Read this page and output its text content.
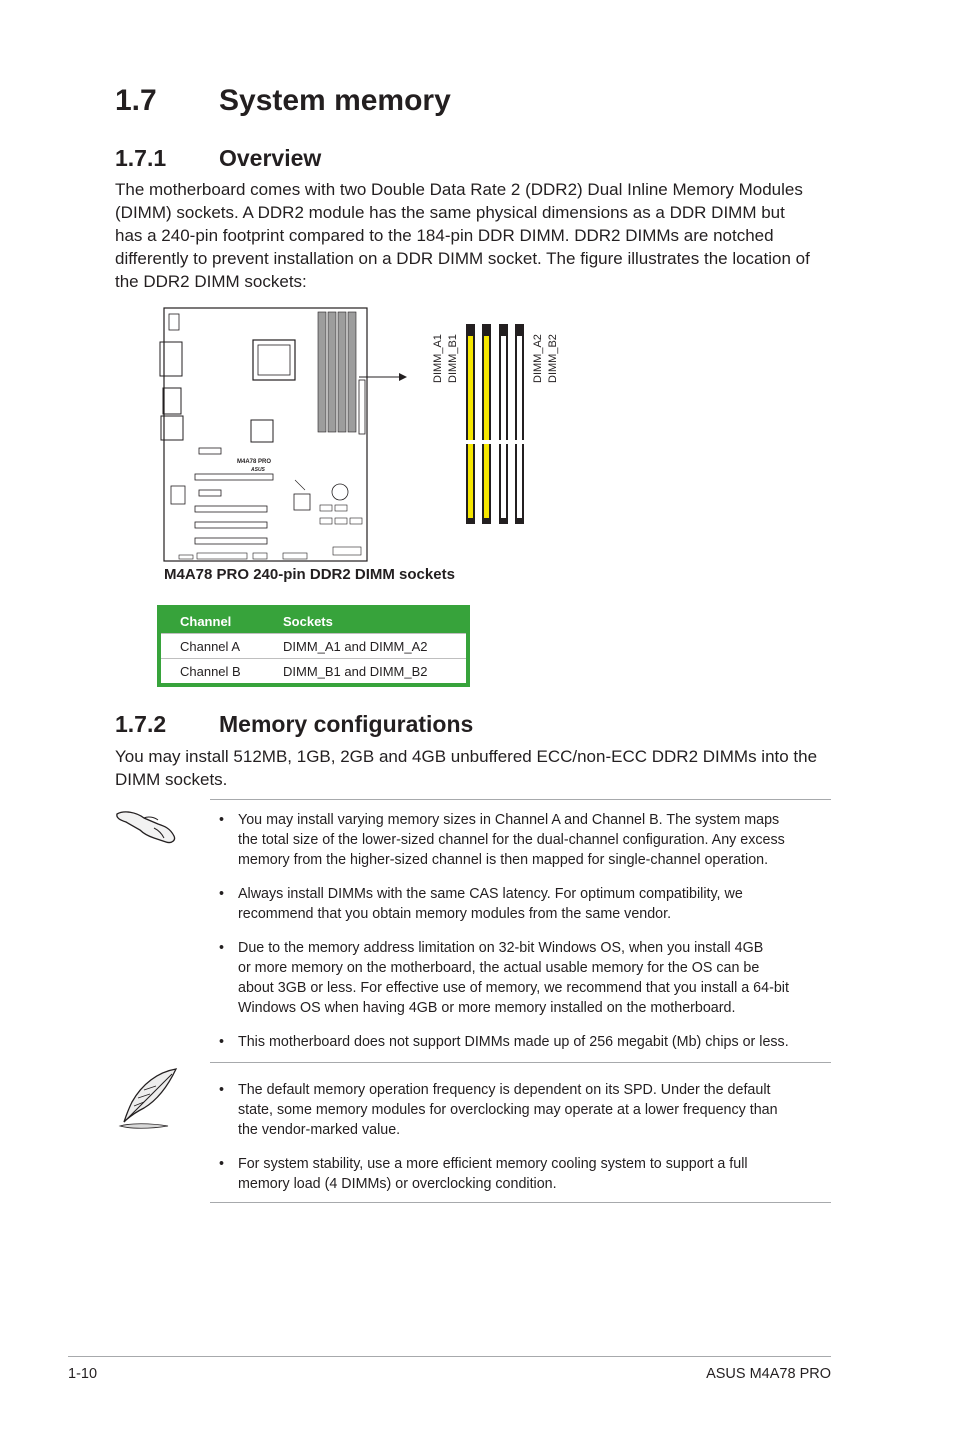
1.7 System memory
1.7.1 Overview
The motherboard comes with two Double Data Rate 2 (DDR2) Dual Inline Memory Modules
(DIMM) sockets. A DDR2 module has the same physical dimensions as a DDR DIMM but
has a 240-pin footprint compared to the 184-pin DDR DIMM. DDR2 DIMMs are notched
differently to prevent installation on a DDR DIMM socket. The figure illustrates the location of
the DDR2 DIMM sockets:
M4A78 PRO
ASUS
DIMM_A1 DIMM_B1	DIMM_A2 DIMM_B2
M4A78 PRO 240-pin DDR2 DIMM sockets
Channel	Sockets
Channel A	DIMM_A1 and DIMM_A2
Channel B	DIMM_B1 and DIMM_B2
1.7.2 Memory configurations
You may install 512MB, 1GB, 2GB and 4GB unbuffered ECC/non-ECC DDR2 DIMMs into the
DIMM sockets.
• You may install varying memory sizes in Channel A and Channel B. The system maps
the total size of the lower-sized channel for the dual-channel configuration. Any excess
memory from the higher-sized channel is then mapped for single-channel operation.
• Always install DIMMs with the same CAS latency. For optimum compatibility, we
recommend that you obtain memory modules from the same vendor.
• Due to the memory address limitation on 32-bit Windows OS, when you install 4GB
or more memory on the motherboard, the actual usable memory for the OS can be
about 3GB or less. For effective use of memory, we recommend that you install a 64-bit
Windows OS when having 4GB or more memory installed on the motherboard.
• This motherboard does not support DIMMs made up of 256 megabit (Mb) chips or less.
• The default memory operation frequency is dependent on its SPD. Under the default
state, some memory modules for overclocking may operate at a lower frequency than
the vendor-marked value.
• For system stability, use a more efficient memory cooling system to support a full
memory load (4 DIMMs) or overclocking condition.
1-10	ASUS M4A78 PRO
